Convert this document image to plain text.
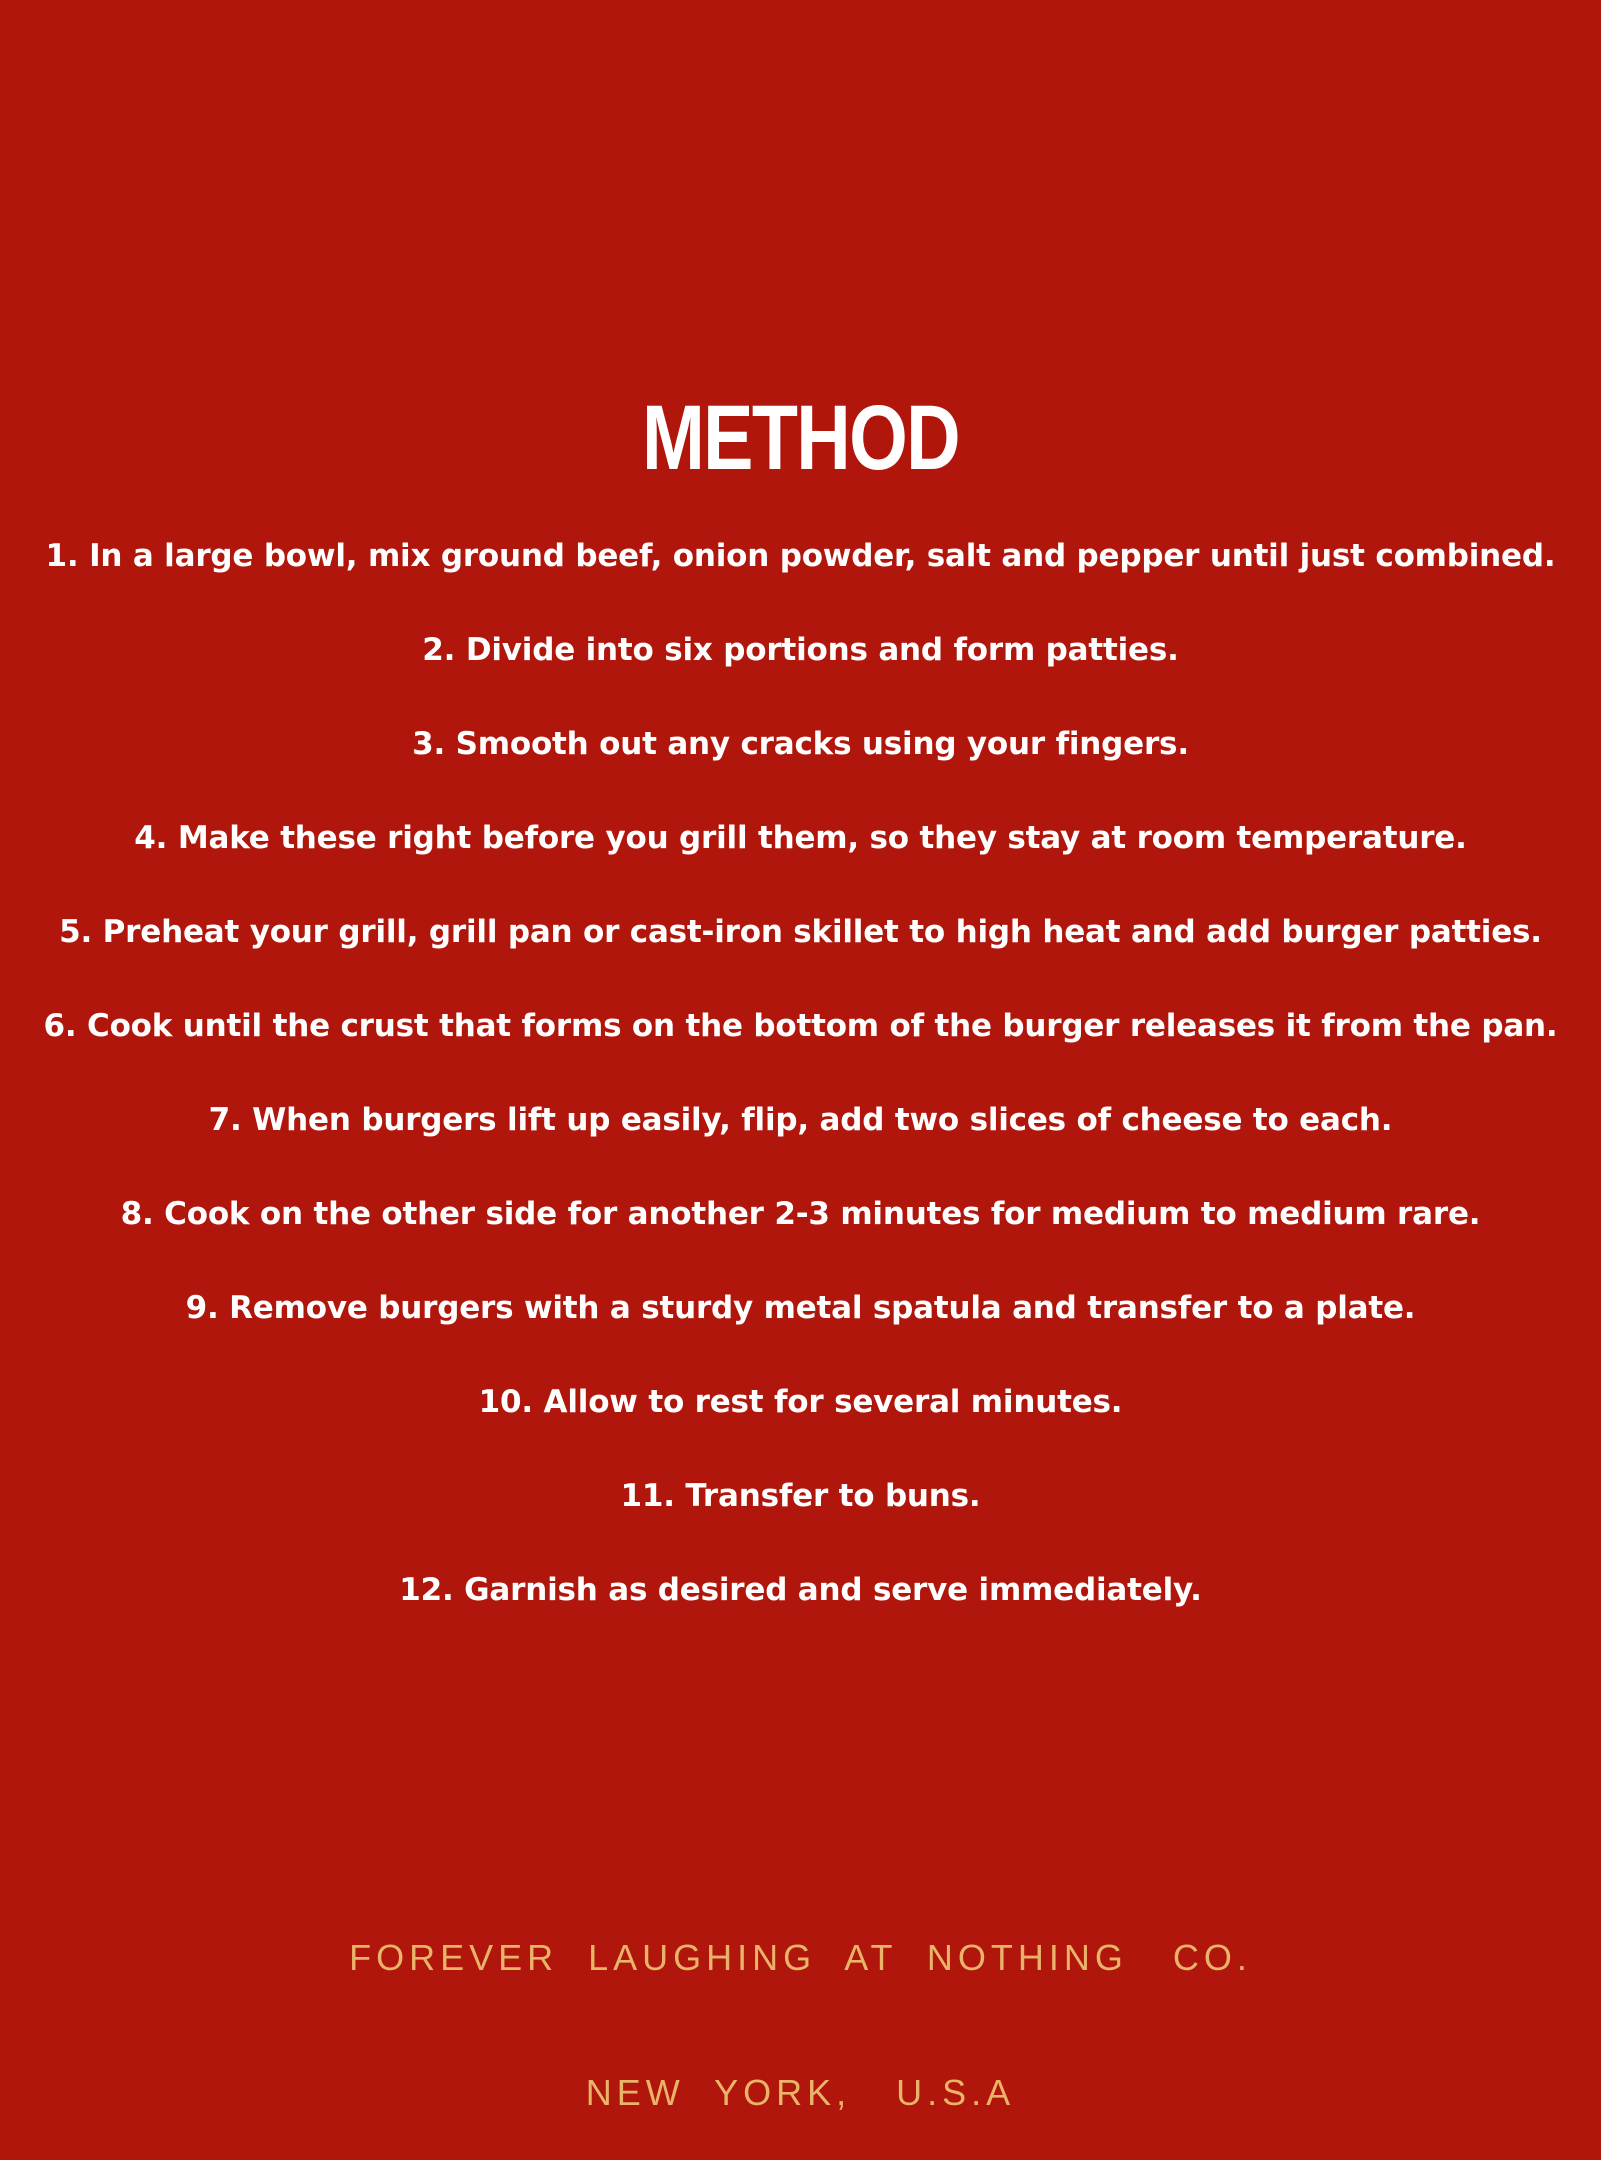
METHOD
1. In a large bowl, mix ground beef, onion powder, salt and pepper until just combined.
2. Divide into six portions and form patties.
3. Smooth out any cracks using your fingers.
4. Make these right before you grill them, so they stay at room temperature.
5. Preheat your grill, grill pan or cast-iron skillet to high heat and add burger patties.
6. Cook until the crust that forms on the bottom of the burger releases it from the pan.
7. When burgers lift up easily, flip, add two slices of cheese to each.
8. Cook on the other side for another 2-3 minutes for medium to medium rare.
9. Remove burgers with a sturdy metal spatula and transfer to a plate.
10. Allow to rest for several minutes.
11. Transfer to buns.
12. Garnish as desired and serve immediately.

FOREVER  LAUGHING  AT  NOTHING   CO.

NEW  YORK,   U.S.A
